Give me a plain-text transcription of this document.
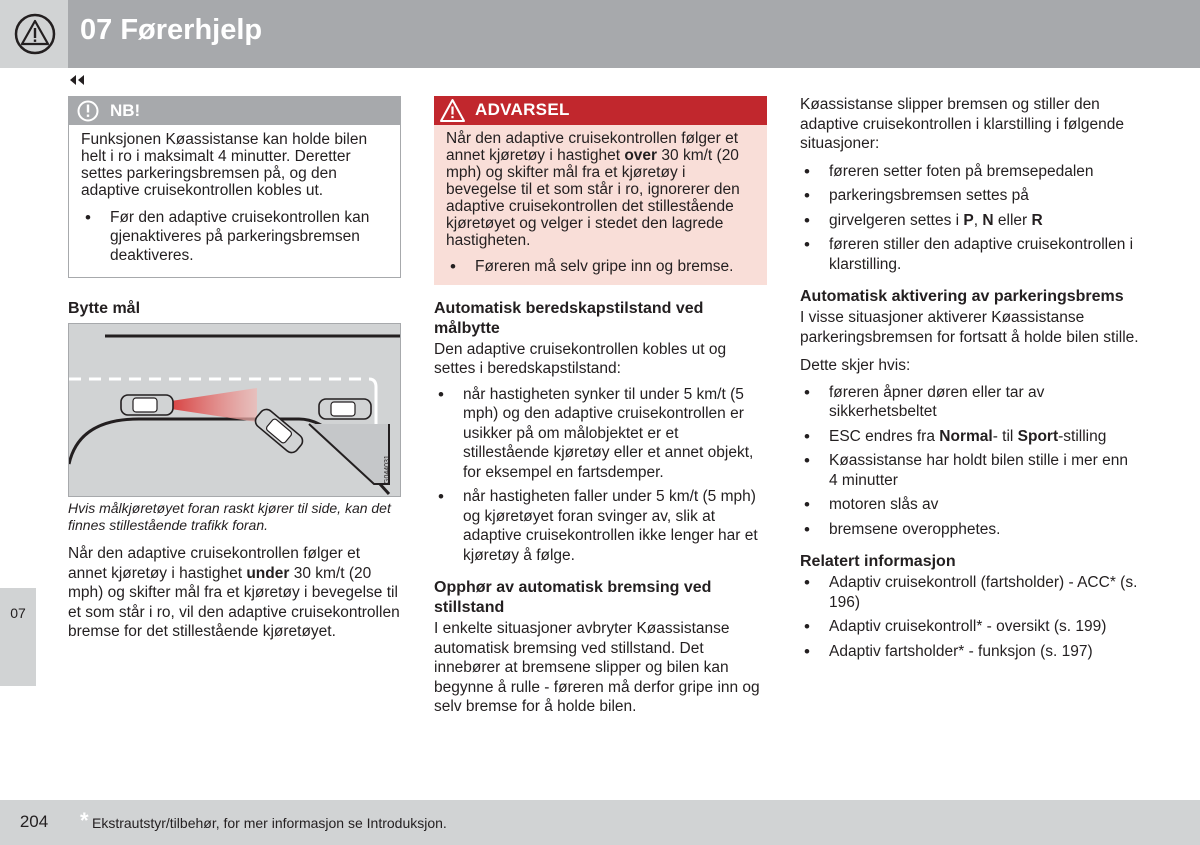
07 Førerhjelp
07
NB!

Funksjonen Køassistanse kan holde bilen helt i ro i maksimalt 4 minutter. Deretter settes parkeringsbremsen på, og den adaptive cruisekontrollen kobles ut.

• Før den adaptive cruisekontrollen kan gjenaktiveres på parkeringsbremsen deaktiveres.
Bytte mål
G044031

Hvis målkjøretøyet foran raskt kjører til side, kan det finnes stillestående trafikk foran.

Når den adaptive cruisekontrollen følger et annet kjøretøy i hastighet under 30 km/t (20 mph) og skifter mål fra et kjøretøy i bevegelse til et som står i ro, vil den adaptive cruisekontrollen bremse for det stillestående kjøretøyet.

ADVARSEL

Når den adaptive cruisekontrollen følger et annet kjøretøy i hastighet over 30 km/t (20 mph) og skifter mål fra et kjøretøy i bevegelse til et som står i ro, ignorerer den adaptive cruisekontrollen det stillestående kjøretøyet og velger i stedet den lagrede hastigheten.

• Føreren må selv gripe inn og bremse.
Automatisk beredskapstilstand ved målbytte

Den adaptive cruisekontrollen kobles ut og settes i beredskapstilstand:

• når hastigheten synker til under 5 km/t (5 mph) og den adaptive cruisekontrollen er usikker på om målobjektet er et stillestående kjøretøy eller et annet objekt, for eksempel en fartsdemper.
• når hastigheten faller under 5 km/t (5 mph) og kjøretøyet foran svinger av, slik at adaptive cruisekontrollen ikke lenger har et kjøretøy å følge.
Opphør av automatisk bremsing ved stillstand

I enkelte situasjoner avbryter Køassistanse automatisk bremsing ved stillstand. Det innebører at bremsene slipper og bilen kan begynne å rulle - føreren må derfor gripe inn og selv bremse for å holde bilen.

Køassistanse slipper bremsen og stiller den adaptive cruisekontrollen i klarstilling i følgende situasjoner:

• føreren setter foten på bremsepedalen
• parkeringsbremsen settes på
• girvelgeren settes i P, N eller R
• føreren stiller den adaptive cruisekontrollen i klarstilling.
Automatisk aktivering av parkeringsbrems

I visse situasjoner aktiverer Køassistanse parkeringsbremsen for fortsatt å holde bilen stille.

Dette skjer hvis:

• føreren åpner døren eller tar av sikkerhetsbeltet
• ESC endres fra Normal- til Sport-stilling
• Køassistanse har holdt bilen stille i mer enn 4 minutter
• motoren slås av
• bremsene overopphetes.
Relatert informasjon
• Adaptiv cruisekontroll (fartsholder) - ACC* (s. 196)
• Adaptiv cruisekontroll* - oversikt (s. 199)
• Adaptiv fartsholder* - funksjon (s. 197)
204	* Ekstrautstyr/tilbehør, for mer informasjon se Introduksjon.
